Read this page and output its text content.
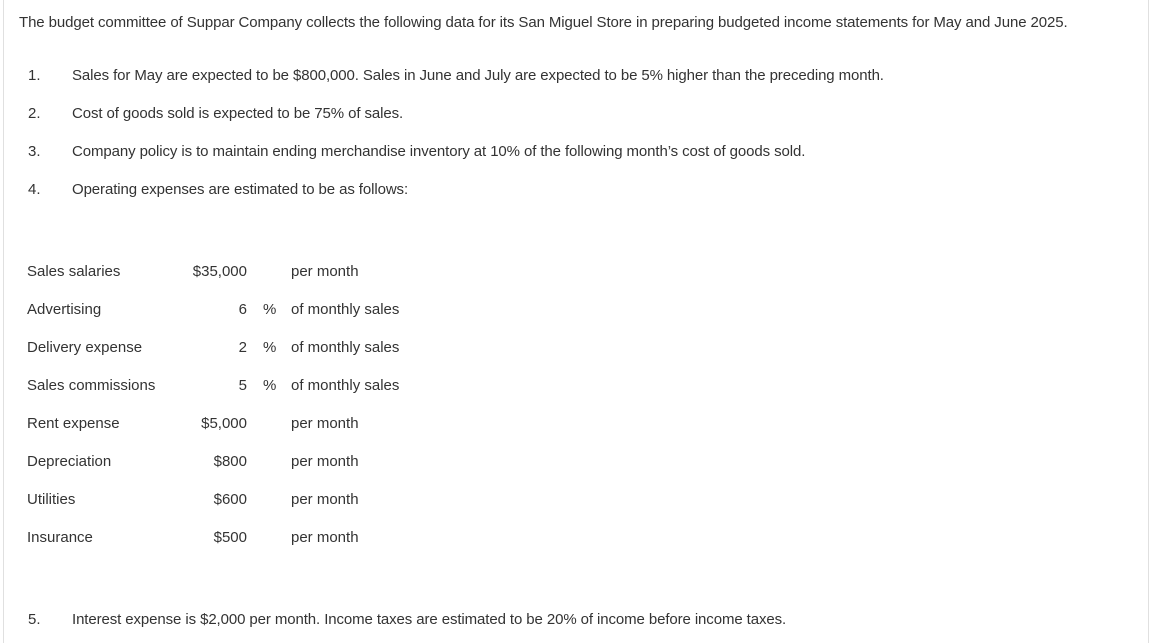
The budget committee of Suppar Company collects the following data for its San Miguel Store in preparing budgeted income statements for May and June 2025.
1.	Sales for May are expected to be $800,000. Sales in June and July are expected to be 5% higher than the preceding month.
2.	Cost of goods sold is expected to be 75% of sales.
3.	Company policy is to maintain ending merchandise inventory at 10% of the following month’s cost of goods sold.
4.	Operating expenses are estimated to be as follows:
Sales salaries	$35,000	per month
Advertising	6 % of monthly sales
Delivery expense	2 % of monthly sales
Sales commissions	5 % of monthly sales
Rent expense	$5,000	per month
Depreciation	$800	per month
Utilities	$600	per month
Insurance	$500	per month
5.	Interest expense is $2,000 per month. Income taxes are estimated to be 20% of income before income taxes.
